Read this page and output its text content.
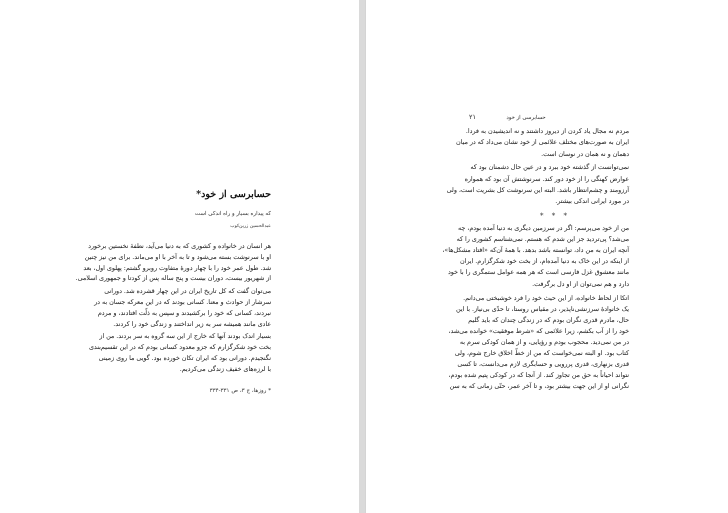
حسابرسی از خود*
که پیداره بسیار و راه اندکی است
عبدالحسین زرین‌کوب
هر انسان در خانواده و کشوری که به دنیا می‌آید، نطفهٔ نخستین برخورد
او با سرنوشت بسته می‌شود و تا به آخر با او می‌ماند. برای من نیز چنین
شد. طول عمر خود را با چهار دورهٔ متفاوت روبرو گشتم: پهلوی اول، بعد
از شهریور بیست، دوران بیست و پنج ساله پس از کودتا و جمهوری اسلامی.
می‌توان گفت که کل تاریخ ایران در این چهار قشرده شد. دورانی
سرشار از حوادث و معنا. کسانی بودند که در این معرکه جسان به در
نبردند، کسانی که خود را برکشیدند و سپس به ذلّت افتادند، و مردم
عادی مانند همیشه سر به زیر انداختند و زندگی خود را کردند.
بسیار اندک بودند آنها که خارج از این سه گروه به سر بردند. من از
بخت خود شکرگزارم که جزو معدود کسانی بودم که در این تقسیم‌بندی
نگنجیدم. دورانی بود که ایران تکان خورده بود. گویی ما روی زمینی
با لرزه‌های خفیف زندگی می‌کردیم.
* روزها، ج ۳، ص ۳۳۱-۳۳۴
حسابرسی از خود
۲۱
مردم نه مجال یاد کردن از دیروز داشتند و نه اندیشیدن به فردا.
ایران به صورت‌های مختلف علائمی از خود نشان می‌داد که در میان
دهمان و نه همان در نوسان است.
نمی‌توانست از گذشته خود ببرد و در عین حال دشمنان بود که
عوارض کهنگی را از خود دور کند. سرنوشتش آن بود که همواره
آرزومند و چشم‌انتظار باشد. البته این سرنوشت کل بشریت است، ولی
در مورد ایرانی اندکی بیشتر.
* * *
من از خود می‌پرسم: اگر در سرزمین دیگری به دنیا آمده بودم، چه
می‌شد؟ پی‌تردید جز این شدم که هستم. نمی‌شناسم کشوری را که
آنچه ایران به من داد، توانسته باشد بدهد. با همهٔ آن‌که «افتاد مشکل‌ها»،
از اینکه در این خاک به دنیا آمده‌ام، از بخت خود شکرگزارم. ایران
مانند معشوق غزل فارسی است که هر همه عوامل ستمگری را با خود
دارد و هم نمی‌توان از او دل برگرفت.
اتکا از لحاظ خانواده، از این حیث خود را فرد خوشبختی می‌دانم.
یک خانوادهٔ سرزنشی‌ناپذیر، در مقیاس روستا، تا حدّی بی‌نیاز. با این
حال، مادرم قدری نگران بودم که در زندگی چندان که باید گلیم
خود را از آب بکشم، زیرا علائمی که «شرط موفقیت» خوانده می‌شد،
در من نمی‌دید. محجوب بودم و رؤیایی، و از همان کودکی سرم به
کتاب بود. او البته نمی‌خواست که من از خطّ اخلاق خارج شوم، ولی
قدری بزنهاری، قدری پررویی و حسابگری لازم می‌دانست، تا کسی
نتواند احیاناً به حق من تجاوز کند. از آنجا که در کودکی پتیم شده بودم،
نگرانی او از این جهت بیشتر بود، و تا آخر عمر، حتّی زمانی که به سن
